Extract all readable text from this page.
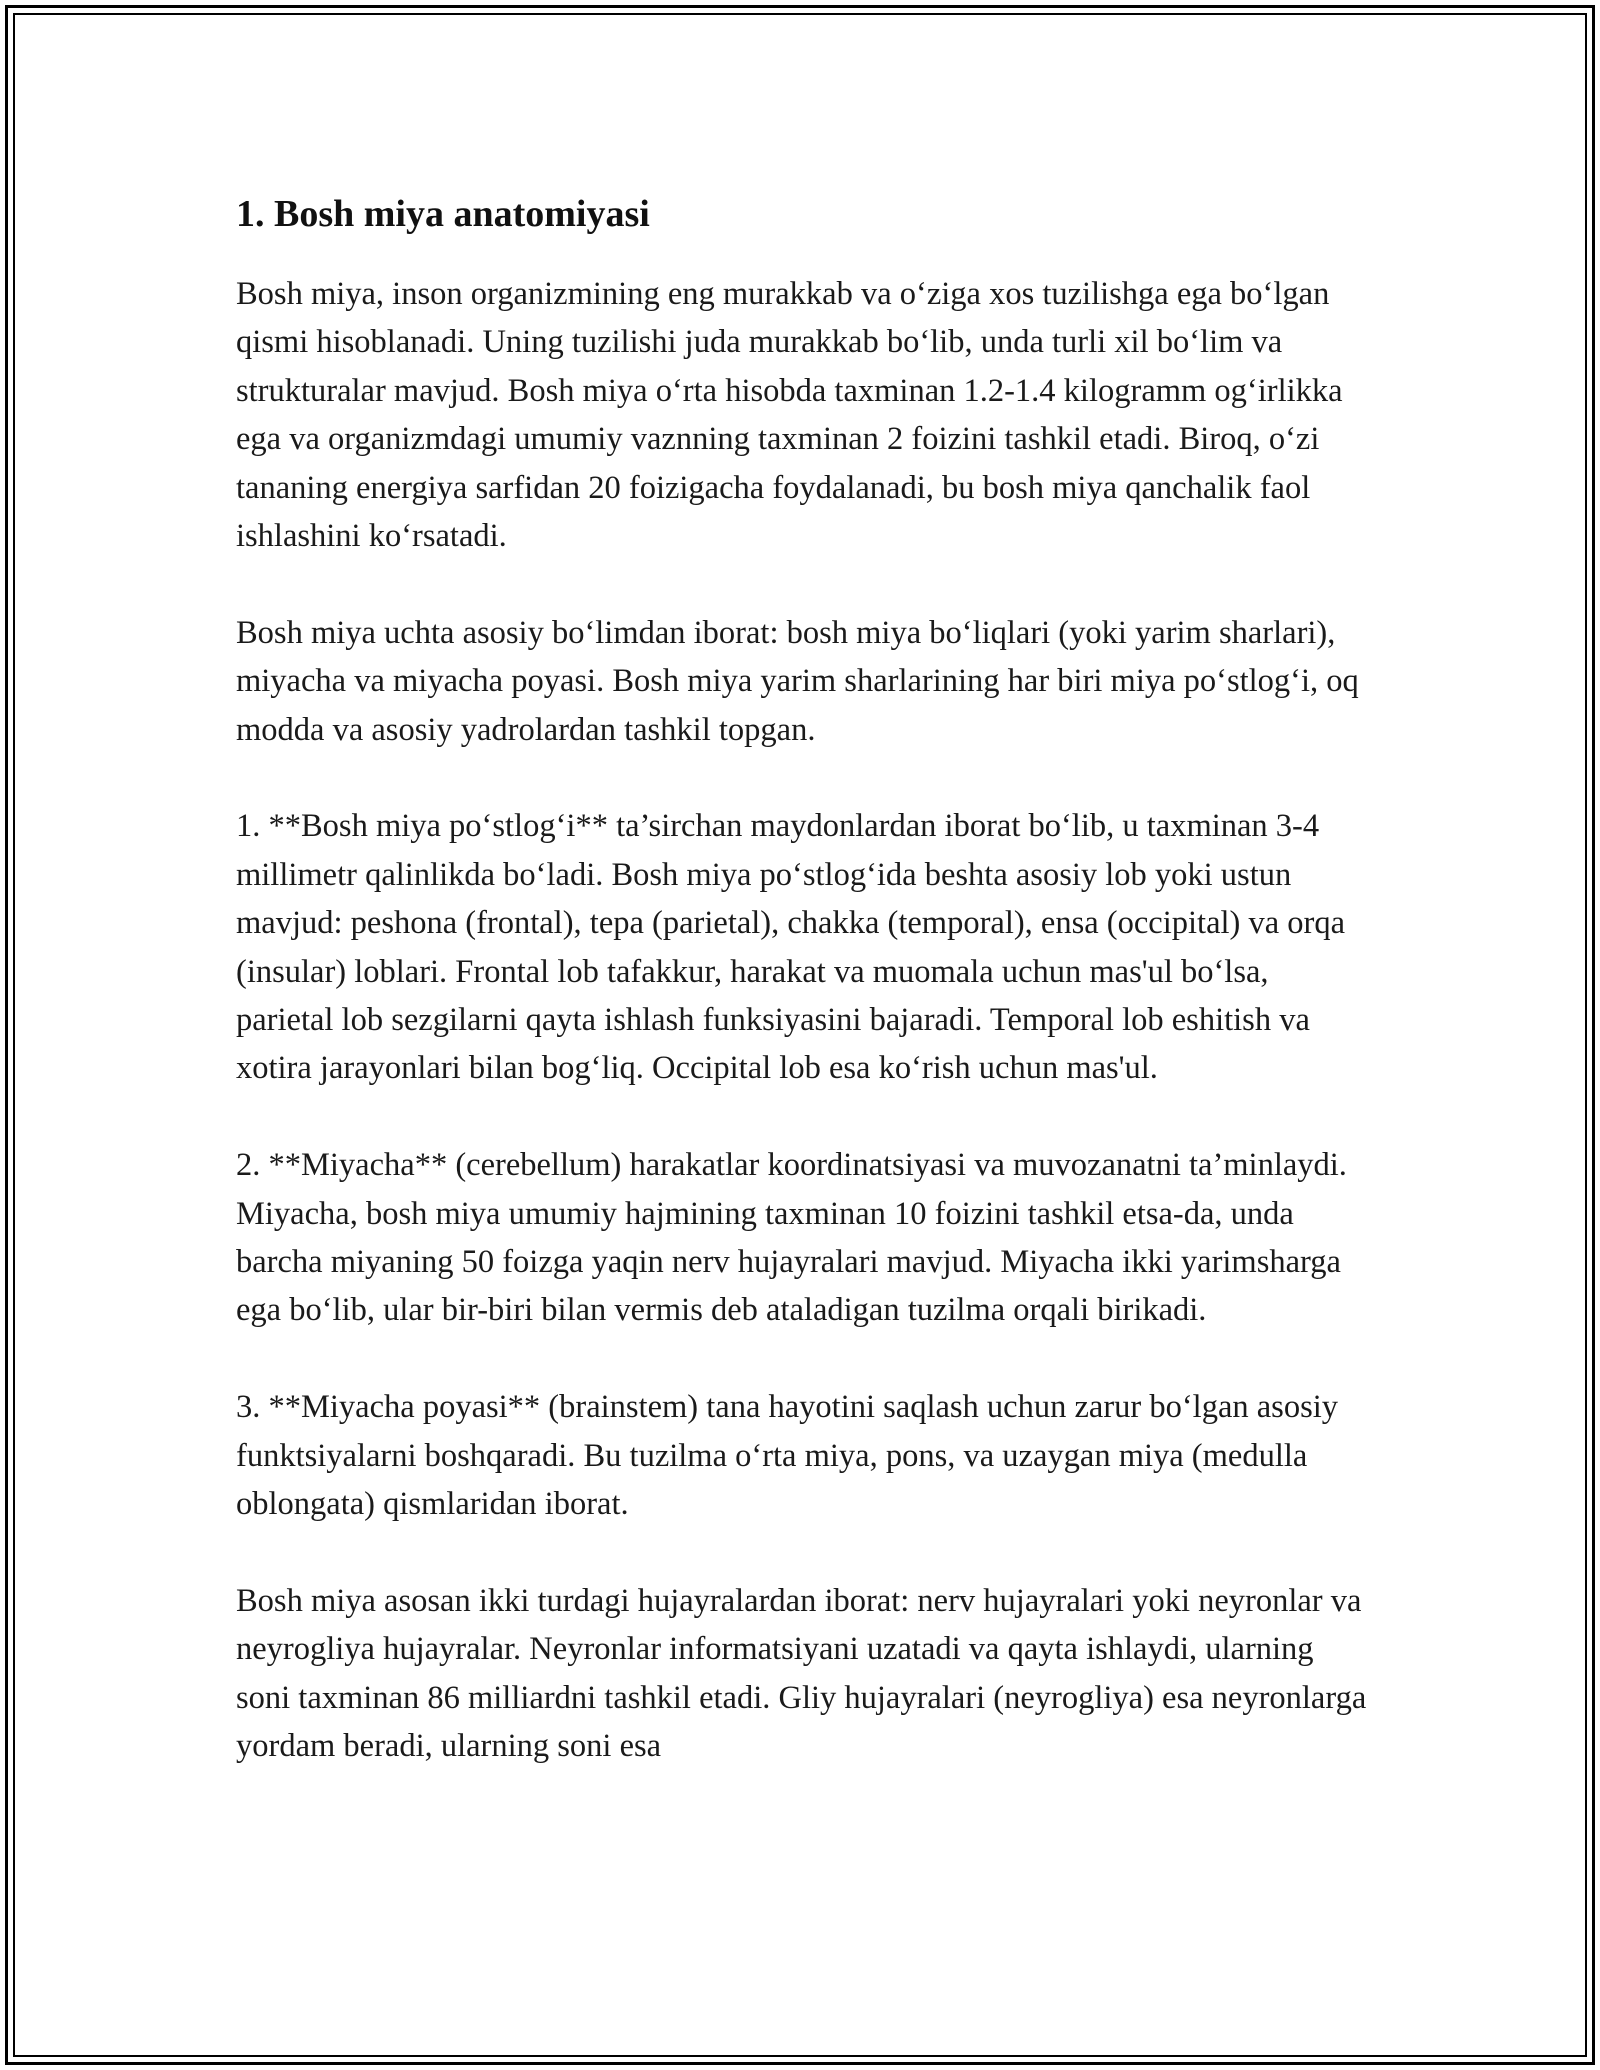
1. Bosh miya anatomiyasi

Bosh miya, inson organizmining eng murakkab va o‘ziga xos tuzilishga ega bo‘lgan qismi hisoblanadi. Uning tuzilishi juda murakkab bo‘lib, unda turli xil bo‘lim va strukturalar mavjud. Bosh miya o‘rta hisobda taxminan 1.2-1.4 kilogramm og‘irlikka ega va organizmdagi umumiy vaznning taxminan 2 foizini tashkil etadi. Biroq, o‘zi tananing energiya sarfidan 20 foizigacha foydalanadi, bu bosh miya qanchalik faol ishlashini ko‘rsatadi.

Bosh miya uchta asosiy bo‘limdan iborat: bosh miya bo‘liqlari (yoki yarim sharlari), miyacha va miyacha poyasi. Bosh miya yarim sharlarining har biri miya po‘stlog‘i, oq modda va asosiy yadrolardan tashkil topgan.

1. **Bosh miya po‘stlog‘i** ta’sirchan maydonlardan iborat bo‘lib, u taxminan 3-4 millimetr qalinlikda bo‘ladi. Bosh miya po‘stlog‘ida beshta asosiy lob yoki ustun mavjud: peshona (frontal), tepa (parietal), chakka (temporal), ensa (occipital) va orqa (insular) loblari. Frontal lob tafakkur, harakat va muomala uchun mas'ul bo‘lsa, parietal lob sezgilarni qayta ishlash funksiyasini bajaradi. Temporal lob eshitish va xotira jarayonlari bilan bog‘liq. Occipital lob esa ko‘rish uchun mas'ul.

2. **Miyacha** (cerebellum) harakatlar koordinatsiyasi va muvozanatni ta’minlaydi. Miyacha, bosh miya umumiy hajmining taxminan 10 foizini tashkil etsa-da, unda barcha miyaning 50 foizga yaqin nerv hujayralari mavjud. Miyacha ikki yarimsharga ega bo‘lib, ular bir-biri bilan vermis deb ataladigan tuzilma orqali birikadi.

3. **Miyacha poyasi** (brainstem) tana hayotini saqlash uchun zarur bo‘lgan asosiy funktsiyalarni boshqaradi. Bu tuzilma o‘rta miya, pons, va uzaygan miya (medulla oblongata) qismlaridan iborat.

Bosh miya asosan ikki turdagi hujayralardan iborat: nerv hujayralari yoki neyronlar va neyrogliya hujayralar. Neyronlar informatsiyani uzatadi va qayta ishlaydi, ularning soni taxminan 86 milliardni tashkil etadi. Gliy hujayralari (neyrogliya) esa neyronlarga yordam beradi, ularning soni esa
